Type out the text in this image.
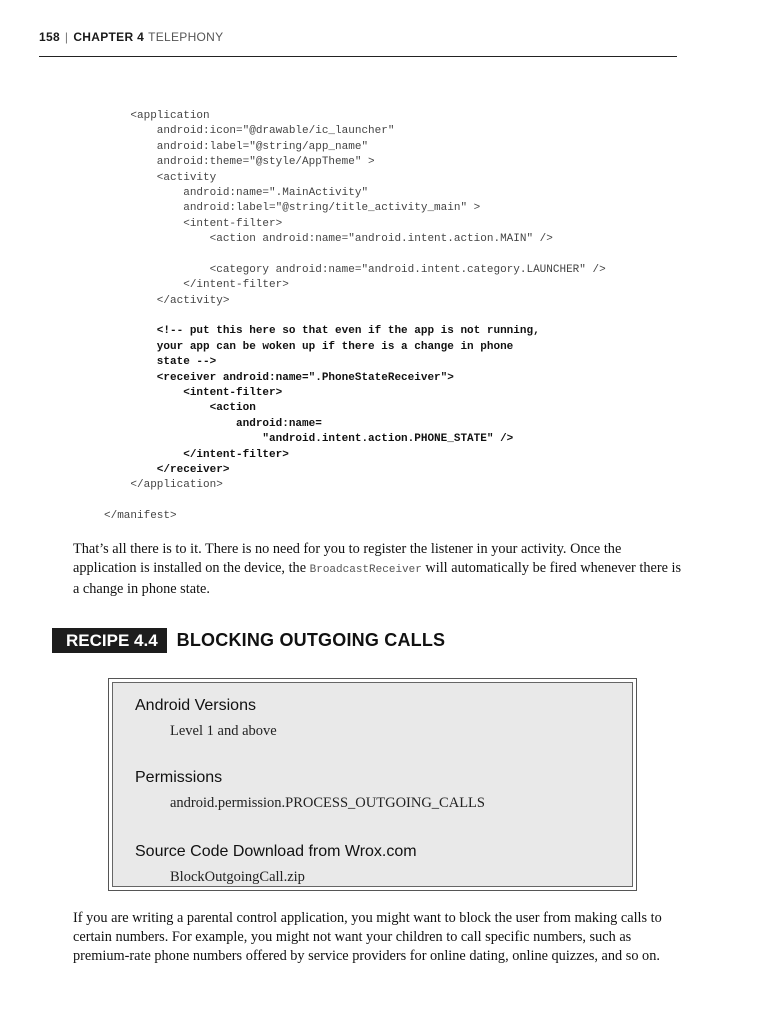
158 | CHAPTER 4 TELEPHONY
<application
android:icon="@drawable/ic_launcher"
android:label="@string/app_name"
android:theme="@style/AppTheme" >
<activity
android:name=".MainActivity"
android:label="@string/title_activity_main" >
<intent-filter>
<action android:name="android.intent.action.MAIN" />
<category android:name="android.intent.category.LAUNCHER" />
</intent-filter>
</activity>
<!-- put this here so that even if the app is not running,
your app can be woken up if there is a change in phone
state -->
<receiver android:name=".PhoneStateReceiver">
<intent-filter>
<action
android:name=
"android.intent.action.PHONE_STATE" />
</intent-filter>
</receiver>
</application>
</manifest>
That’s all there is to it. There is no need for you to register the listener in your activity. Once the application is installed on the device, the BroadcastReceiver will automatically be fired whenever there is a change in phone state.
RECIPE 4.4	BLOCKING OUTGOING CALLS
Android Versions
Level 1 and above
Permissions
android.permission.PROCESS_OUTGOING_CALLS
Source Code Download from Wrox.com
BlockOutgoingCall.zip
If you are writing a parental control application, you might want to block the user from making calls to certain numbers. For example, you might not want your children to call specific numbers, such as premium-rate phone numbers offered by service providers for online dating, online quizzes, and so on.
